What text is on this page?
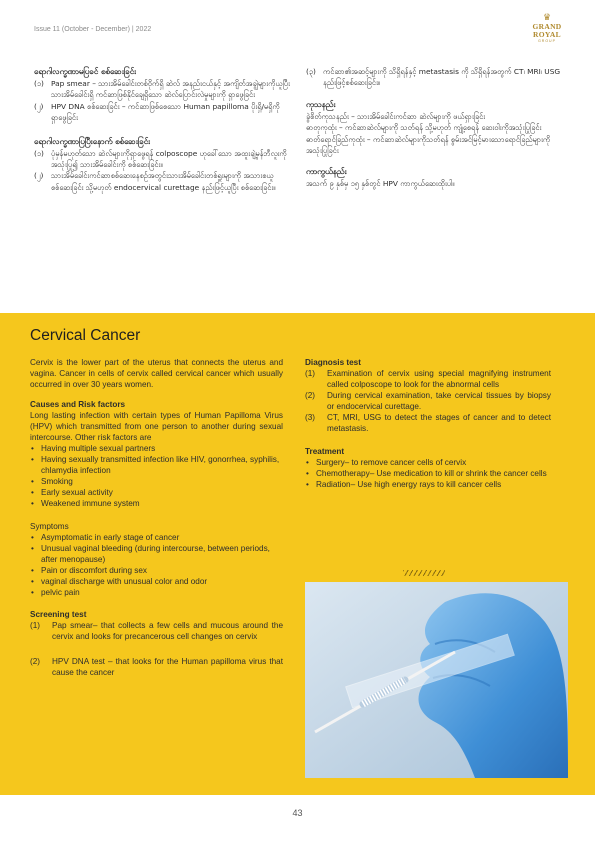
Issue 11 (October - December) | 2022
♛
GRAND
ROYAL
GROUP
ရောဂါလက္ခဏာမပြခင် စစ်ဆေးခြင်း
(၁) Pap smear – သားအိမ်ခေါင်းတစ်ဝိုက်ရှိ ဆဲလ် အနည်းငယ်နှင့် အကျိတ်အချွဲများကိုယူပြီး သားအိမ်ခေါင်းရှိ ကင်ဆာဖြစ်နိုင်ချေရှိသော ဆဲလ်ပြောင်းလဲမှုများကို ရှာဖွေခြင်း

(၂) HPV DNA စစ်ဆေးခြင်း – ကင်ဆာဖြစ်စေသော Human papilloma ပိုးရှိ/မရှိကိုရှာဖွေခြင်း

ရောဂါလက္ခဏာပြပြီးနောက် စစ်ဆေးခြင်း
(၁) ပုံမှန်မဟုတ်သော ဆဲလ်များကိုရှာဖွေရန် colposcope ဟုခေါ်သော အထူးချဲ့မှန်ဘီလူးကို အသုံးပြု၍ သားအိမ်ခေါင်းကို စစ်ဆေးခြင်း။

(၂) သားအိမ်ခေါင်းကင်ဆာစစ်ဆေးနေစဉ်အတွင်းသားအိမ်ခေါင်းတစ်ရှူးများကို အသားစယူ စစ်ဆေးခြင်း သို့မဟုတ် endocervical curettage နည်းဖြင့်ယူပြီး စစ်ဆေးခြင်း။

(၃) ကင်ဆာ၏အဆင့်များကို သိရှိရန်နှင့် metastasis ကို သိရှိရန်အတွက် CT၊ MRI၊ USG နည်းဖြင့်စစ်ဆေးခြင်း။

ကုသနည်း

ခွဲစိတ်ကုသနည်း – သားအိမ်ခေါင်းကင်ဆာ ဆဲလ်များကို ဖယ်ရှားခြင်း

ဓာတုကုထုံး – ကင်ဆာဆဲလ်များကို သတ်ရန် သို့မဟုတ် ကျုံ့စေရန် ဆေးဝါးကိုအသုံးပြုခြင်း

ဓာတ်ရောင်ခြည်ကုထုံး – ကင်ဆာဆဲလ်များကိုသတ်ရန် စွမ်းအင်မြင့်မားသောရောင်ခြည်များကို အသုံးပြုခြင်း

ကာကွယ်နည်း

အသက် ၉ နှစ်မှ ၁၅ နှစ်တွင် HPV ကာကွယ်ဆေးထိုးပါ။

Cervical Cancer

Cervix is the lower part of the uterus that connects the uterus and vagina. Cancer in cells of cervix called cervical cancer which usually occurred in over 30 years women.

Causes and Risk factors

Long lasting infection with certain types of Human Papilloma Virus (HPV) which transmitted from one person to another during sexual intercourse. Other risk factors are

• Having multiple sexual partners
• Having sexually transmitted infection like HIV, gonorrhea, syphilis, chlamydia infection
• Smoking
• Early sexual activity
• Weakened immune system
Symptoms
• Asymptomatic in early stage of cancer
• Unusual vaginal bleeding (during intercourse, between periods, after menopause)
• Pain or discomfort during sex
• vaginal discharge with unusual color and odor
• pelvic pain
Screening test
(1) Pap smear– that collects a few cells and mucous around the cervix and looks for precancerous cell changes on cervix
(2) HPV DNA test – that looks for the Human papilloma virus that cause the cancer
Diagnosis test
(1) Examination of cervix using special magnifying instrument called colposcope to look for the abnormal cells
(2) During cervical examination, take cervical tissues by biopsy or endocervical curettage.
(3) CT, MRI, USG to detect the stages of cancer and to detect metastasis.
Treatment
• Surgery– to remove cancer cells of cervix
• Chemotherapy– Use medication to kill or shrink the cancer cells
• Radiation– Use high energy rays to kill cancer cells
43
